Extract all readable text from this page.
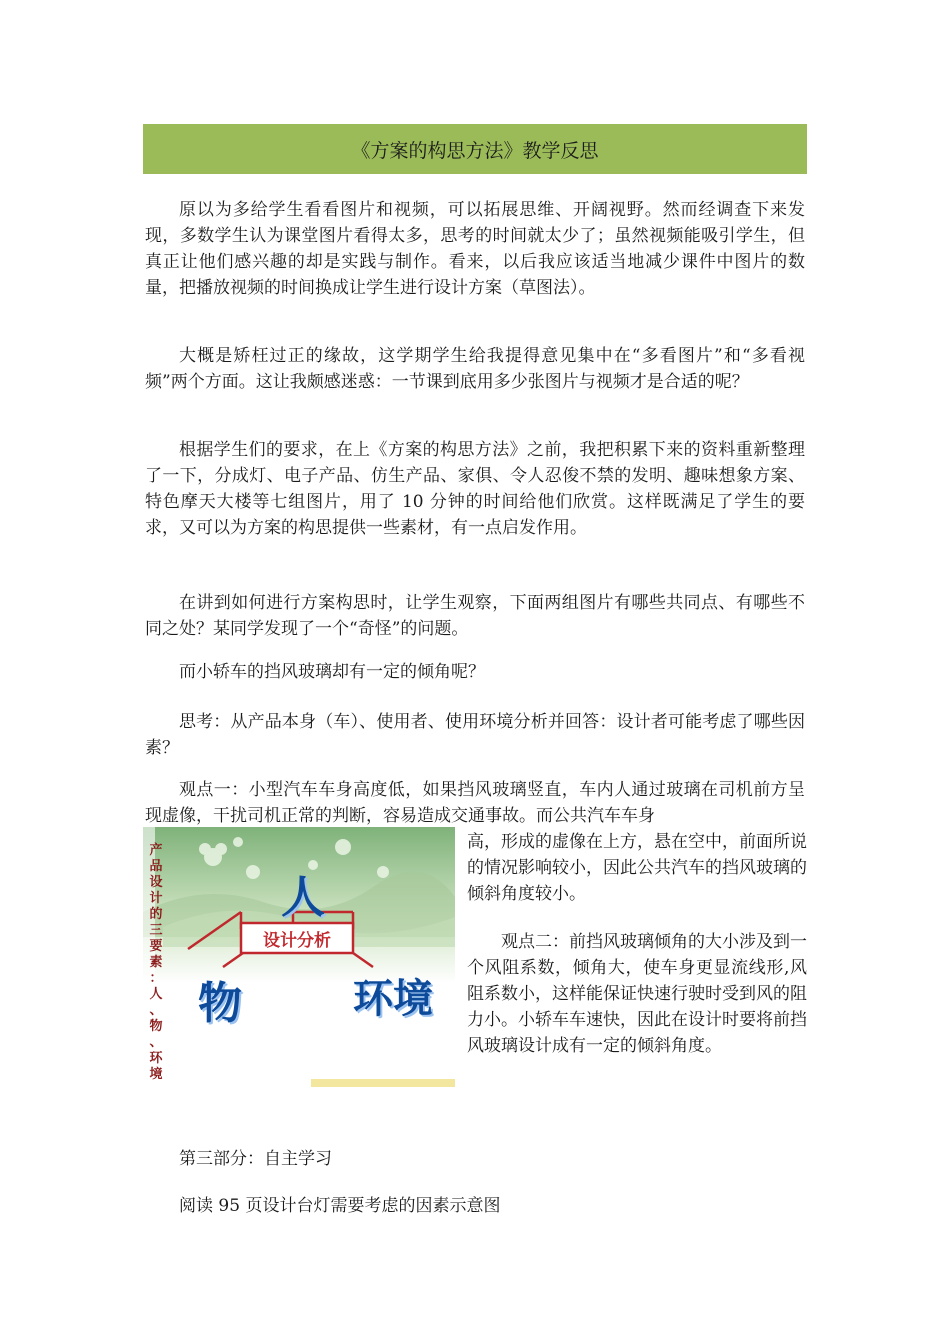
《方案的构思方法》教学反思

原以为多给学生看看图片和视频，可以拓展思维、开阔视野。然而经调查下来发现，多数学生认为课堂图片看得太多，思考的时间就太少了；虽然视频能吸引学生，但真正让他们感兴趣的却是实践与制作。看来，以后我应该适当地减少课件中图片的数量，把播放视频的时间换成让学生进行设计方案（草图法）。

大概是矫枉过正的缘故，这学期学生给我提得意见集中在“多看图片”和“多看视频”两个方面。这让我颇感迷惑：一节课到底用多少张图片与视频才是合适的呢？

根据学生们的要求，在上《方案的构思方法》之前，我把积累下来的资料重新整理了一下，分成灯、电子产品、仿生产品、家俱、令人忍俊不禁的发明、趣味想象方案、特色摩天大楼等七组图片，用了 10 分钟的时间给他们欣赏。这样既满足了学生的要求，又可以为方案的构思提供一些素材，有一点启发作用。

在讲到如何进行方案构思时，让学生观察，下面两组图片有哪些共同点、有哪些不同之处？某同学发现了一个“奇怪”的问题。

而小轿车的挡风玻璃却有一定的倾角呢？

思考：从产品本身（车）、使用者、使用环境分析并回答：设计者可能考虑了哪些因素？

观点一：小型汽车车身高度低，如果挡风玻璃竖直，车内人通过玻璃在司机前方呈现虚像，干扰司机正常的判断，容易造成交通事故。而公共汽车车身

产
品
设
计
的
三
要
素
：
人
、
物
、
环
境
人
设计分析
物	环境

高，形成的虚像在上方，悬在空中，前面所说的情况影响较小，因此公共汽车的挡风玻璃的倾斜角度较小。

观点二：前挡风玻璃倾角的大小涉及到一个风阻系数，倾角大，使车身更显流线形,风阻系数小，这样能保证快速行驶时受到风的阻力小。小轿车车速快，因此在设计时要将前挡风玻璃设计成有一定的倾斜角度。

第三部分：自主学习

阅读 95 页设计台灯需要考虑的因素示意图
